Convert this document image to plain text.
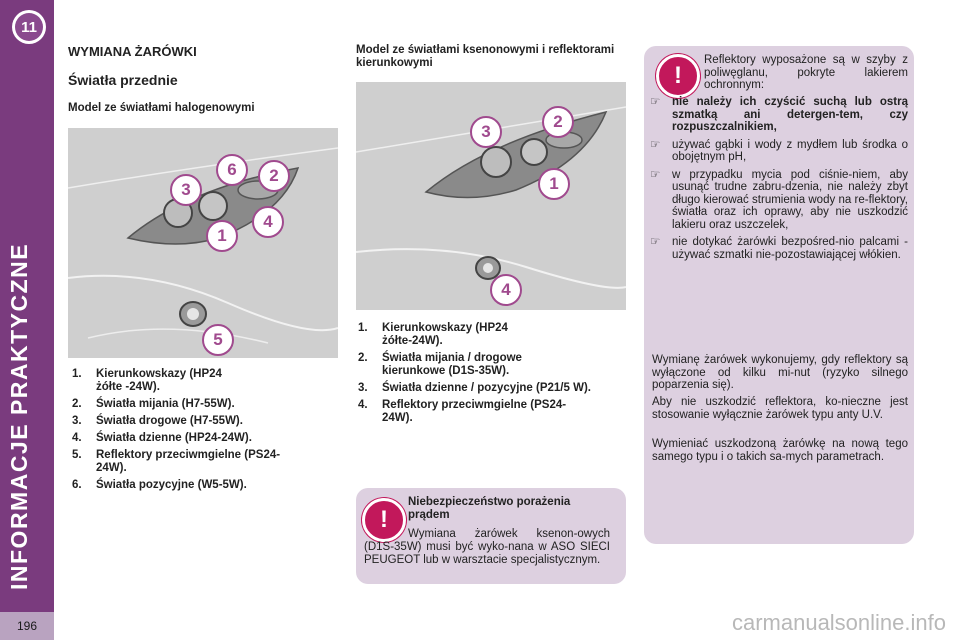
11
INFORMACJE PRAKTYCZNE
196
WYMIANA ŻARÓWKI
Światła przednie
Model ze światłami halogenowymi
Model ze światłami ksenonowymi i reflektorami kierunkowymi
6	2
3
4
1
5
3
2
1
4
1.	Kierunkowskazy (HP24 żółte -24W).
2.	Światła mijania (H7-55W).
3.	Światła drogowe (H7-55W).
4.	Światła dzienne (HP24-24W).
5.	Reflektory przeciwmgielne (PS24-24W).
6.	Światła pozycyjne (W5-5W).
1.	Kierunkowskazy (HP24 żółte-24W).
2.	Światła mijania / drogowe kierunkowe (D1S-35W).
3.	Światła dzienne / pozycyjne (P21/5 W).
4.	Reflektory przeciwmgielne (PS24-24W).
!
Niebezpieczeństwo porażenia prądem
Wymiana żarówek ksenon-owych (D1S-35W) musi być wyko-nana w ASO SIECI PEUGEOT lub w warsztacie specjalistycznym.
!
Reflektory wyposażone są w szyby z poliwęglanu, pokryte lakierem ochronnym:
☞	nie należy ich czyścić suchą lub ostrą szmatką ani detergen-tem, czy rozpuszczalnikiem,
☞	używać gąbki i wody z mydłem lub środka o obojętnym pH,
☞	w przypadku mycia pod ciśnie-niem, aby usunąć trudne zabru-dzenia, nie należy zbyt długo kierować strumienia wody na re-flektory, światła oraz ich oprawy, aby nie uszkodzić lakieru oraz uszczelek,
☞	nie dotykać żarówki bezpośred-nio palcami - używać szmatki nie-pozostawiającej włókien.

Wymianę żarówek wykonujemy, gdy reflektory są wyłączone od kilku mi-nut (ryzyko silnego poparzenia się).

Aby nie uszkodzić reflektora, ko-nieczne jest stosowanie wyłącznie żarówek typu anty U.V.

Wymieniać uszkodzoną żarówkę na nową tego samego typu i o takich sa-mych parametrach.

carmanualsonline.info
